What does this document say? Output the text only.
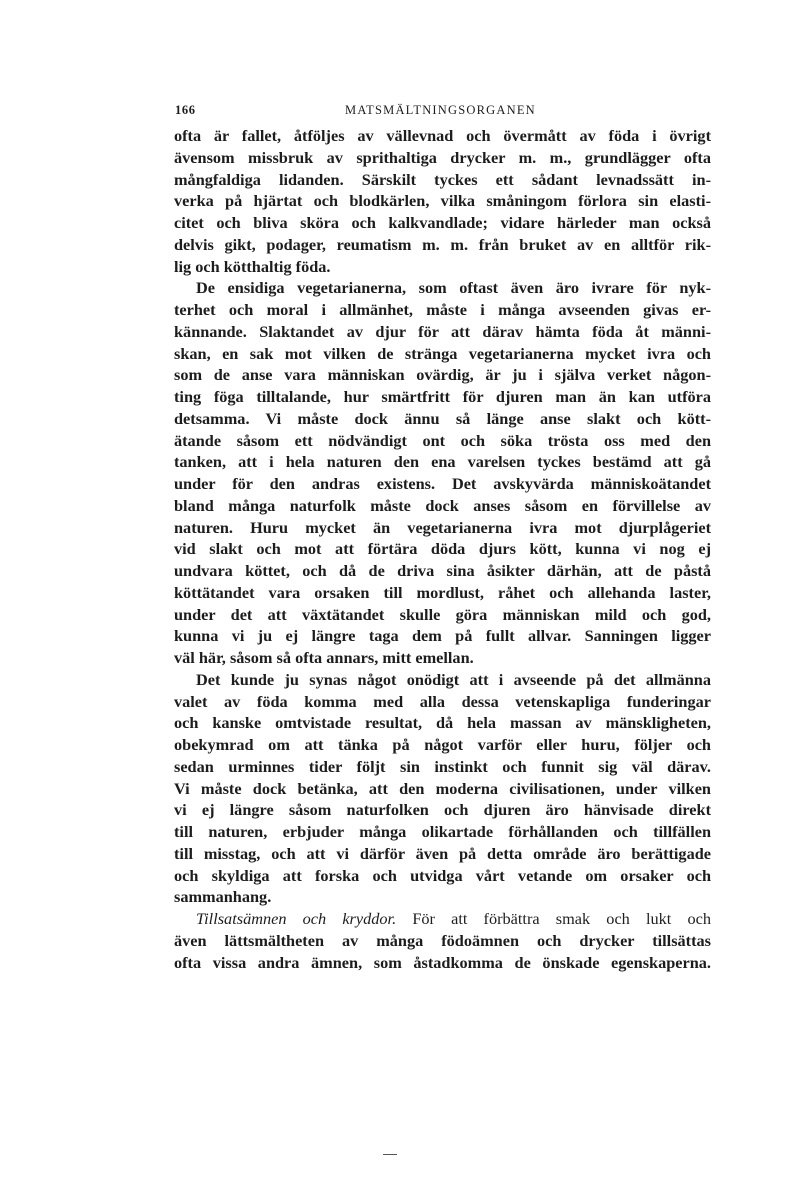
166	MATSMÄLTNINGSORGANEN
ofta är fallet, åtföljes av vällevnad och övermått av föda i övrigt
ävensom missbruk av sprithaltiga drycker m. m., grundlägger ofta
mångfaldiga lidanden. Särskilt tyckes ett sådant levnadssätt in-
verka på hjärtat och blodkärlen, vilka småningom förlora sin elasti-
citet och bliva sköra och kalkvandlade; vidare härleder man också
delvis gikt, podager, reumatism m. m. från bruket av en alltför rik-
lig och kötthaltig föda.
De ensidiga vegetarianerna, som oftast även äro ivrare för nyk-
terhet och moral i allmänhet, måste i många avseenden givas er-
kännande. Slaktandet av djur för att därav hämta föda åt männi-
skan, en sak mot vilken de stränga vegetarianerna mycket ivra och
som de anse vara människan ovärdig, är ju i själva verket någon-
ting föga tilltalande, hur smärtfritt för djuren man än kan utföra
detsamma. Vi måste dock ännu så länge anse slakt och kött-
ätande såsom ett nödvändigt ont och söka trösta oss med den
tanken, att i hela naturen den ena varelsen tyckes bestämd att gå
under för den andras existens. Det avskyvärda människoätandet
bland många naturfolk måste dock anses såsom en förvillelse av
naturen. Huru mycket än vegetarianerna ivra mot djurplågeriet
vid slakt och mot att förtära döda djurs kött, kunna vi nog ej
undvara köttet, och då de driva sina åsikter därhän, att de påstå
köttätandet vara orsaken till mordlust, råhet och allehanda laster,
under det att växtätandet skulle göra människan mild och god,
kunna vi ju ej längre taga dem på fullt allvar. Sanningen ligger
väl här, såsom så ofta annars, mitt emellan.
Det kunde ju synas något onödigt att i avseende på det allmänna
valet av föda komma med alla dessa vetenskapliga funderingar
och kanske omtvistade resultat, då hela massan av mänskligheten,
obekymrad om att tänka på något varför eller huru, följer och
sedan urminnes tider följt sin instinkt och funnit sig väl därav.
Vi måste dock betänka, att den moderna civilisationen, under vilken
vi ej längre såsom naturfolken och djuren äro hänvisade direkt
till naturen, erbjuder många olikartade förhållanden och tillfällen
till misstag, och att vi därför även på detta område äro berättigade
och skyldiga att forska och utvidga vårt vetande om orsaker och
sammanhang.
Tillsatsämnen och kryddor. För att förbättra smak och lukt och
även lättsmältheten av många födoämnen och drycker tillsättas
ofta vissa andra ämnen, som åstadkomma de önskade egenskaperna.
